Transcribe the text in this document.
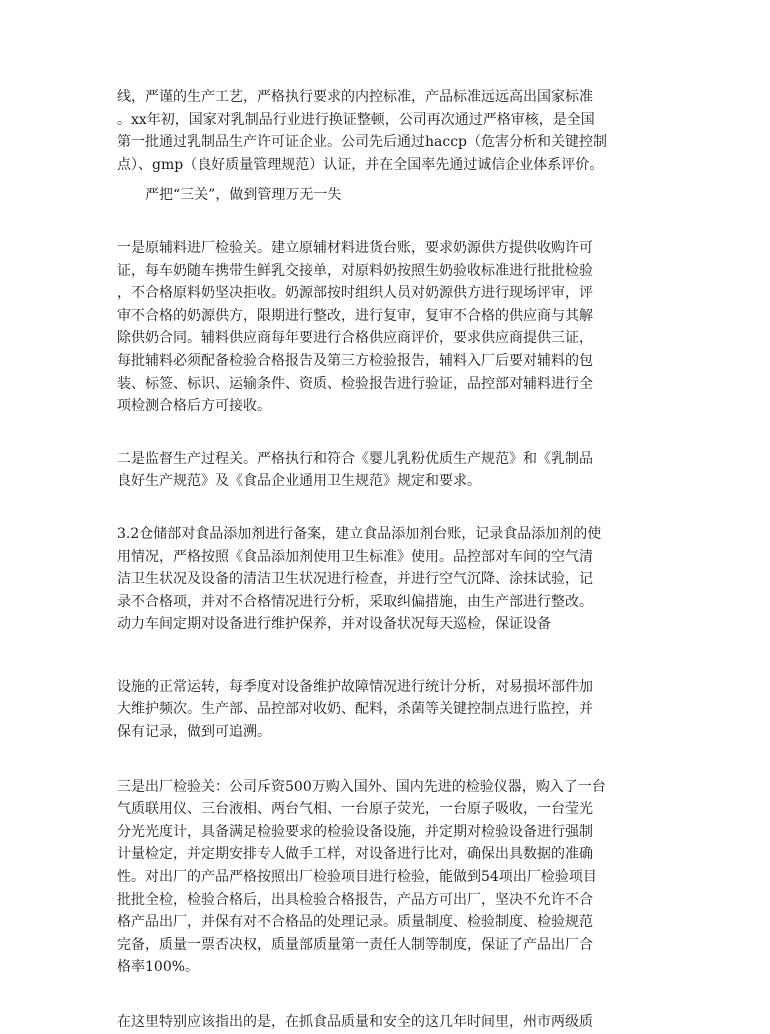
线，严谨的生产工艺，严格执行要求的内控标准，产品标准远远高出国家标准
。xx年初，国家对乳制品行业进行换证整顿，公司再次通过严格审核，是全国
第一批通过乳制品生产许可证企业。公司先后通过haccp（危害分析和关键控制
点）、gmp（良好质量管理规范）认证，并在全国率先通过诚信企业体系评价。

严把“三关”，做到管理万无一失

一是原辅料进厂检验关。建立原辅材料进货台账，要求奶源供方提供收购许可
证，每车奶随车携带生鲜乳交接单，对原料奶按照生奶验收标准进行批批检验
，不合格原料奶坚决拒收。奶源部按时组织人员对奶源供方进行现场评审，评
审不合格的奶源供方，限期进行整改，进行复审，复审不合格的供应商与其解
除供奶合同。辅料供应商每年要进行合格供应商评价，要求供应商提供三证，
每批辅料必须配备检验合格报告及第三方检验报告，辅料入厂后要对辅料的包
装、标签、标识、运输条件、资质、检验报告进行验证，品控部对辅料进行全
项检测合格后方可接收。

二是监督生产过程关。严格执行和符合《婴儿乳粉优质生产规范》和《乳制品
良好生产规范》及《食品企业通用卫生规范》规定和要求。

3.2仓储部对食品添加剂进行备案，建立食品添加剂台账，记录食品添加剂的使
用情况，严格按照《食品添加剂使用卫生标准》使用。品控部对车间的空气清
洁卫生状况及设备的清洁卫生状况进行检查，并进行空气沉降、涂抹试验，记
录不合格项，并对不合格情况进行分析，采取纠偏措施，由生产部进行整改。
动力车间定期对设备进行维护保养，并对设备状况每天巡检，保证设备

设施的正常运转，每季度对设备维护故障情况进行统计分析，对易损坏部件加
大维护频次。生产部、品控部对收奶、配料，杀菌等关键控制点进行监控，并
保有记录，做到可追溯。

三是出厂检验关：公司斥资500万购入国外、国内先进的检验仪器，购入了一台
气质联用仪、三台液相、两台气相、一台原子荧光，一台原子吸收，一台莹光
分光光度计，具备满足检验要求的检验设备设施，并定期对检验设备进行强制
计量检定，并定期安排专人做手工样，对设备进行比对，确保出具数据的准确
性。对出厂的产品严格按照出厂检验项目进行检验，能做到54项出厂检验项目
批批全检，检验合格后，出具检验合格报告，产品方可出厂，坚决不允许不合
格产品出厂，并保有对不合格品的处理记录。质量制度、检验制度、检验规范
完备，质量一票否决权，质量部质量第一责任人制等制度，保证了产品出厂合
格率100%。

在这里特别应该指出的是，在抓食品质量和安全的这几年时间里，州市两级质
